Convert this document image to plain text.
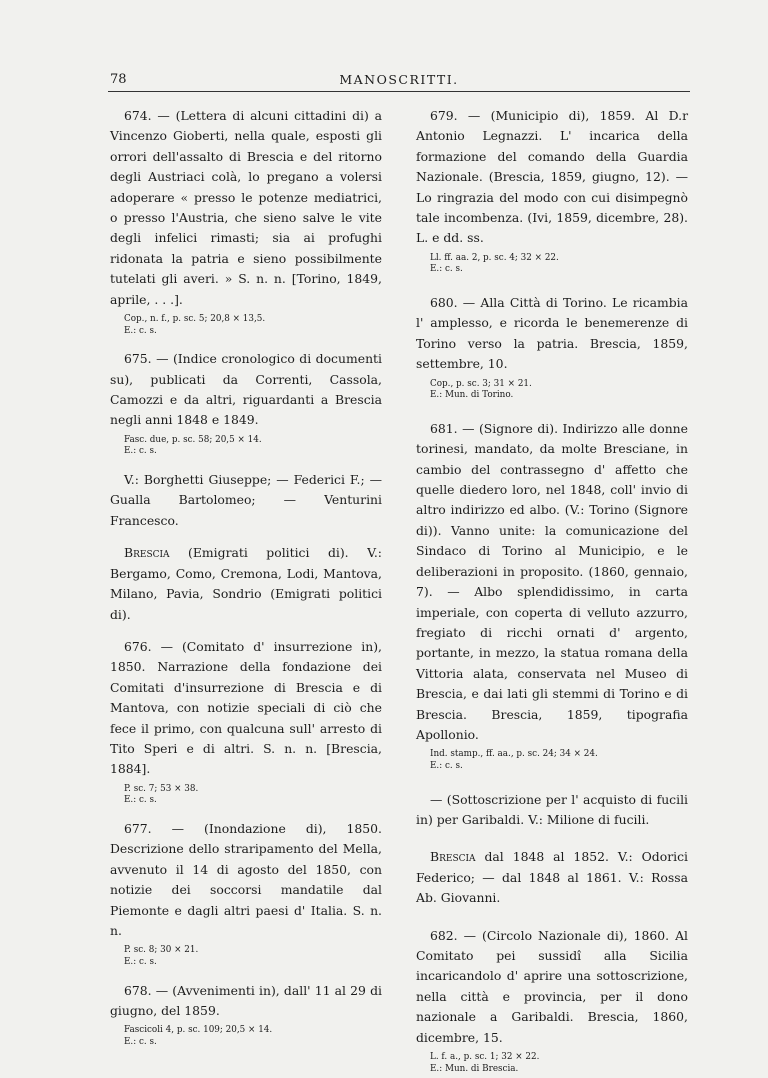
78	MANOSCRITTI.

674. — (Lettera di alcuni cittadini di) a Vincenzo Gioberti, nella quale, esposti gli orrori dell'assalto di Brescia e del ritorno degli Austriaci colà, lo pregano a volersi adoperare « presso le potenze mediatrici, o presso l'Austria, che sieno salve le vite degli infelici rimasti; sia ai profughi ridonata la patria e sieno possibilmente tutelati gli averi. » S. n. n. [Torino, 1849, aprile, . . .].

Cop., n. f., p. sc. 5; 20,8 × 13,5.
E.: c. s.

675. — (Indice cronologico di documenti su), publicati da Correnti, Cassola, Camozzi e da altri, riguardanti a Brescia negli anni 1848 e 1849.

Fasc. due, p. sc. 58; 20,5 × 14.
E.: c. s.

V.: Borghetti Giuseppe; — Federici F.; — Gualla Bartolomeo; — Venturini Francesco.

Brescia (Emigrati politici di). V.: Bergamo, Como, Cremona, Lodi, Mantova, Milano, Pavia, Sondrio (Emigrati politici di).

676. — (Comitato d' insurrezione in), 1850. Narrazione della fondazione dei Comitati d'insurrezione di Brescia e di Mantova, con notizie speciali di ciò che fece il primo, con qualcuna sull' arresto di Tito Speri e di altri. S. n. n. [Brescia, 1884].

P. sc. 7; 53 × 38.
E.: c. s.

677. — (Inondazione di), 1850. Descrizione dello straripamento del Mella, avvenuto il 14 di agosto del 1850, con notizie dei soccorsi mandatile dal Piemonte e dagli altri paesi d' Italia. S. n. n.

P. sc. 8; 30 × 21.
E.: c. s.

678. — (Avvenimenti in), dall' 11 al 29 di giugno, del 1859.

Fascicoli 4, p. sc. 109; 20,5 × 14.
E.: c. s.

679. — (Municipio di), 1859. Al D.r Antonio Legnazzi. L' incarica della formazione del comando della Guardia Nazionale. (Brescia, 1859, giugno, 12). — Lo ringrazia del modo con cui disimpegnò tale incombenza. (Ivi, 1859, dicembre, 28). L. e dd. ss.

Ll. ff. aa. 2, p. sc. 4; 32 × 22.
E.: c. s.

680. — Alla Città di Torino. Le ricambia l' amplesso, e ricorda le benemerenze di Torino verso la patria. Brescia, 1859, settembre, 10.

Cop., p. sc. 3; 31 × 21.
E.: Mun. di Torino.

681. — (Signore di). Indirizzo alle donne torinesi, mandato, da molte Bresciane, in cambio del contrassegno d' affetto che quelle diedero loro, nel 1848, coll' invio di altro indirizzo ed albo. (V.: Torino (Signore di)). Vanno unite: la comunicazione del Sindaco di Torino al Municipio, e le deliberazioni in proposito. (1860, gennaio, 7). — Albo splendidissimo, in carta imperiale, con coperta di velluto azzurro, fregiato di ricchi ornati d' argento, portante, in mezzo, la statua romana della Vittoria alata, conservata nel Museo di Brescia, e dai lati gli stemmi di Torino e di Brescia. Brescia, 1859, tipografia Apollonio.

Ind. stamp., ff. aa., p. sc. 24; 34 × 24.
E.: c. s.

— (Sottoscrizione per l' acquisto di fucili in) per Garibaldi. V.: Milione di fucili.

Brescia dal 1848 al 1852. V.: Odorici Federico; — dal 1848 al 1861. V.: Rossa Ab. Giovanni.

682. — (Circolo Nazionale di), 1860. Al Comitato pei sussidî alla Sicilia incaricandolo d' aprire una sottoscrizione, nella città e provincia, per il dono nazionale a Garibaldi. Brescia, 1860, dicembre, 15.

L. f. a., p. sc. 1; 32 × 22.
E.: Mun. di Brescia.
